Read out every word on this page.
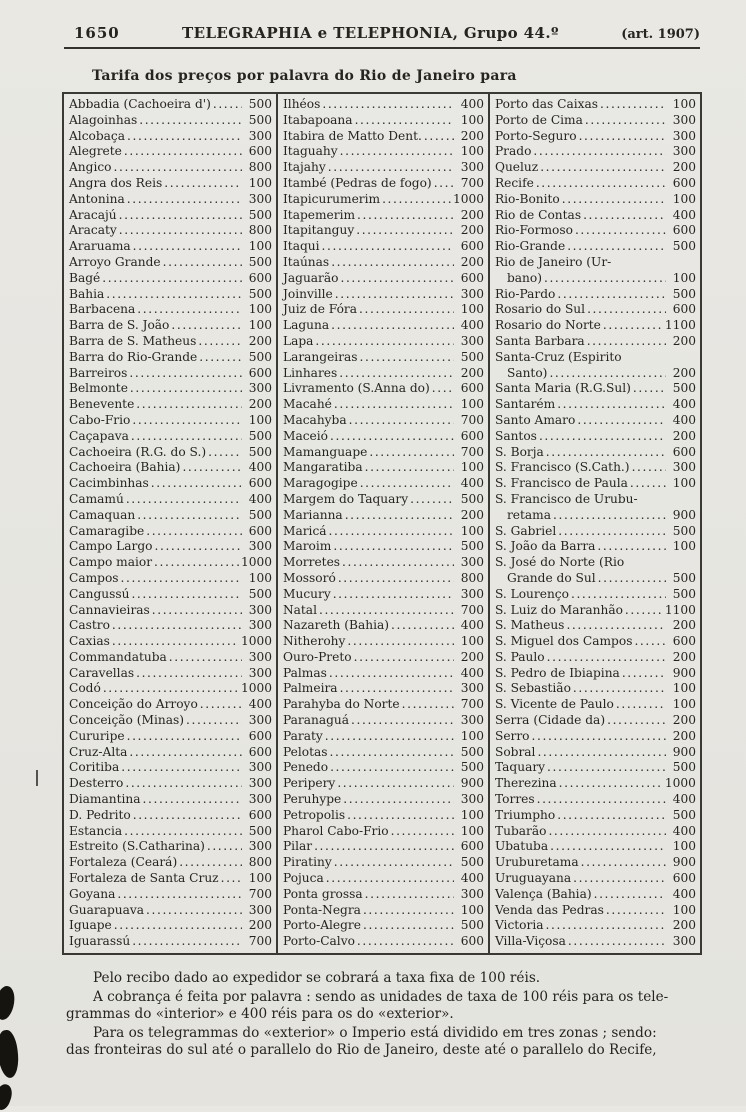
1650	TELEGRAPHIA e TELEPHONIA, Grupo 44.º	(art. 1907)
Tarifa dos preços por palavra do Rio de Janeiro para
Abbadia (Cachoeira d') .....	500
Alagoinhas .....	500
Alcobaça .....	300
Alegrete .....	600
Angico .....	800
Angra dos Reis .....	100
Antonina .....	300
Aracajú .....	500
Aracaty .....	800
Araruama .....	100
Arroyo Grande .....	500
Bagé .....	600
Bahia .....	500
Barbacena .....	100
Barra de S. João .....	100
Barra de S. Matheus .....	200
Barra do Rio-Grande .....	500
Barreiros .....	600
Belmonte .....	300
Benevente .....	200
Cabo-Frio .....	100
Caçapava .....	500
Cachoeira (R.G. do S.) .....	500
Cachoeira (Bahia) .....	400
Cacimbinhas .....	600
Camamú .....	400
Camaquan .....	500
Camaragibe .....	600
Campo Largo .....	300
Campo maior .....	1000
Campos .....	100
Cangussú .....	500
Cannavieiras .....	300
Castro .....	300
Caxias .....	1000
Commandatuba .....	300
Caravellas .....	300
Codó .....	1000
Conceição do Arroyo .....	400
Conceição (Minas) .....	300
Cururipe .....	600
Cruz-Alta .....	600
Coritiba .....	300
Desterro .....	300
Diamantina .....	300
D. Pedrito .....	600
Estancia .....	500
Estreito (S.Catharina) .....	300
Fortaleza (Ceará) .....	800
Fortaleza de Santa Cruz .....	100
Goyana .....	700
Guarapuava .....	300
Iguape .....	200
Iguarassú .....	700
Ilhéos .....	400
Itabapoana .....	100
Itabira de Matto Dent. .....	200
Itaguahy .....	100
Itajahy .....	300
Itambé (Pedras de fogo) .....	700
Itapicurumerim .....	1000
Itapemerim .....	200
Itapitanguy .....	200
Itaqui .....	600
Itaúnas .....	200
Jaguarão .....	600
Joinville .....	300
Juiz de Fóra .....	100
Laguna .....	400
Lapa .....	300
Larangeiras .....	500
Linhares .....	200
Livramento (S.Anna do) .....	600
Macahé .....	100
Macahyba .....	700
Maceió .....	600
Mamanguape .....	700
Mangaratiba .....	100
Maragogipe .....	400
Margem do Taquary .....	500
Marianna .....	200
Maricá .....	100
Maroim .....	500
Morretes .....	300
Mossoró .....	800
Mucury .....	300
Natal .....	700
Nazareth (Bahia) .....	400
Nitherohy .....	100
Ouro-Preto .....	200
Palmas .....	400
Palmeira .....	300
Parahyba do Norte .....	700
Paranaguá .....	300
Paraty .....	100
Pelotas .....	500
Penedo .....	500
Peripery .....	900
Peruhype .....	300
Petropolis .....	100
Pharol Cabo-Frio .....	100
Pilar .....	600
Piratiny .....	500
Pojuca .....	400
Ponta grossa .....	300
Ponta-Negra .....	100
Porto-Alegre .....	500
Porto-Calvo .....	600
Porto das Caixas .....	100
Porto de Cima .....	300
Porto-Seguro .....	300
Prado .....	300
Queluz .....	200
Recife .....	600
Rio-Bonito .....	100
Rio de Contas .....	400
Rio-Formoso .....	600
Rio-Grande .....	500
Rio de Janeiro (Ur-
bano) .....	100
Rio-Pardo .....	500
Rosario do Sul .....	600
Rosario do Norte .....	1100
Santa Barbara .....	200
Santa-Cruz (Espirito
Santo) .....	200
Santa Maria (R.G.Sul) .....	500
Santarém .....	400
Santo Amaro .....	400
Santos .....	200
S. Borja .....	600
S. Francisco (S.Cath.) .....	300
S. Francisco de Paula .....	100
S. Francisco de Urubu-
retama .....	900
S. Gabriel .....	500
S. João da Barra .....	100
S. José do Norte (Rio
Grande do Sul .....	500
S. Lourenço .....	500
S. Luiz do Maranhão .....	1100
S. Matheus .....	200
S. Miguel dos Campos .....	600
S. Paulo .....	200
S. Pedro de Ibiapina .....	900
S. Sebastião .....	100
S. Vicente de Paulo .....	100
Serra (Cidade da) .....	200
Serro .....	200
Sobral .....	900
Taquary .....	500
Therezina .....	1000
Torres .....	400
Triumpho .....	500
Tubarão .....	400
Ubatuba .....	100
Uruburetama .....	900
Uruguayana .....	600
Valença (Bahia) .....	400
Venda das Pedras .....	100
Victoria .....	200
Villa-Viçosa .....	300
Pelo recibo dado ao expedidor se cobrará a taxa fixa de 100 réis.
A cobrança é feita por palavra : sendo as unidades de taxa de 100 réis para os tele-
grammas do «interior» e 400 réis para os do «exterior».
Para os telegrammas do «exterior» o Imperio está dividido em tres zonas ; sendo:
das fronteiras do sul até o parallelo do Rio de Janeiro, deste até o parallelo do Recife,
